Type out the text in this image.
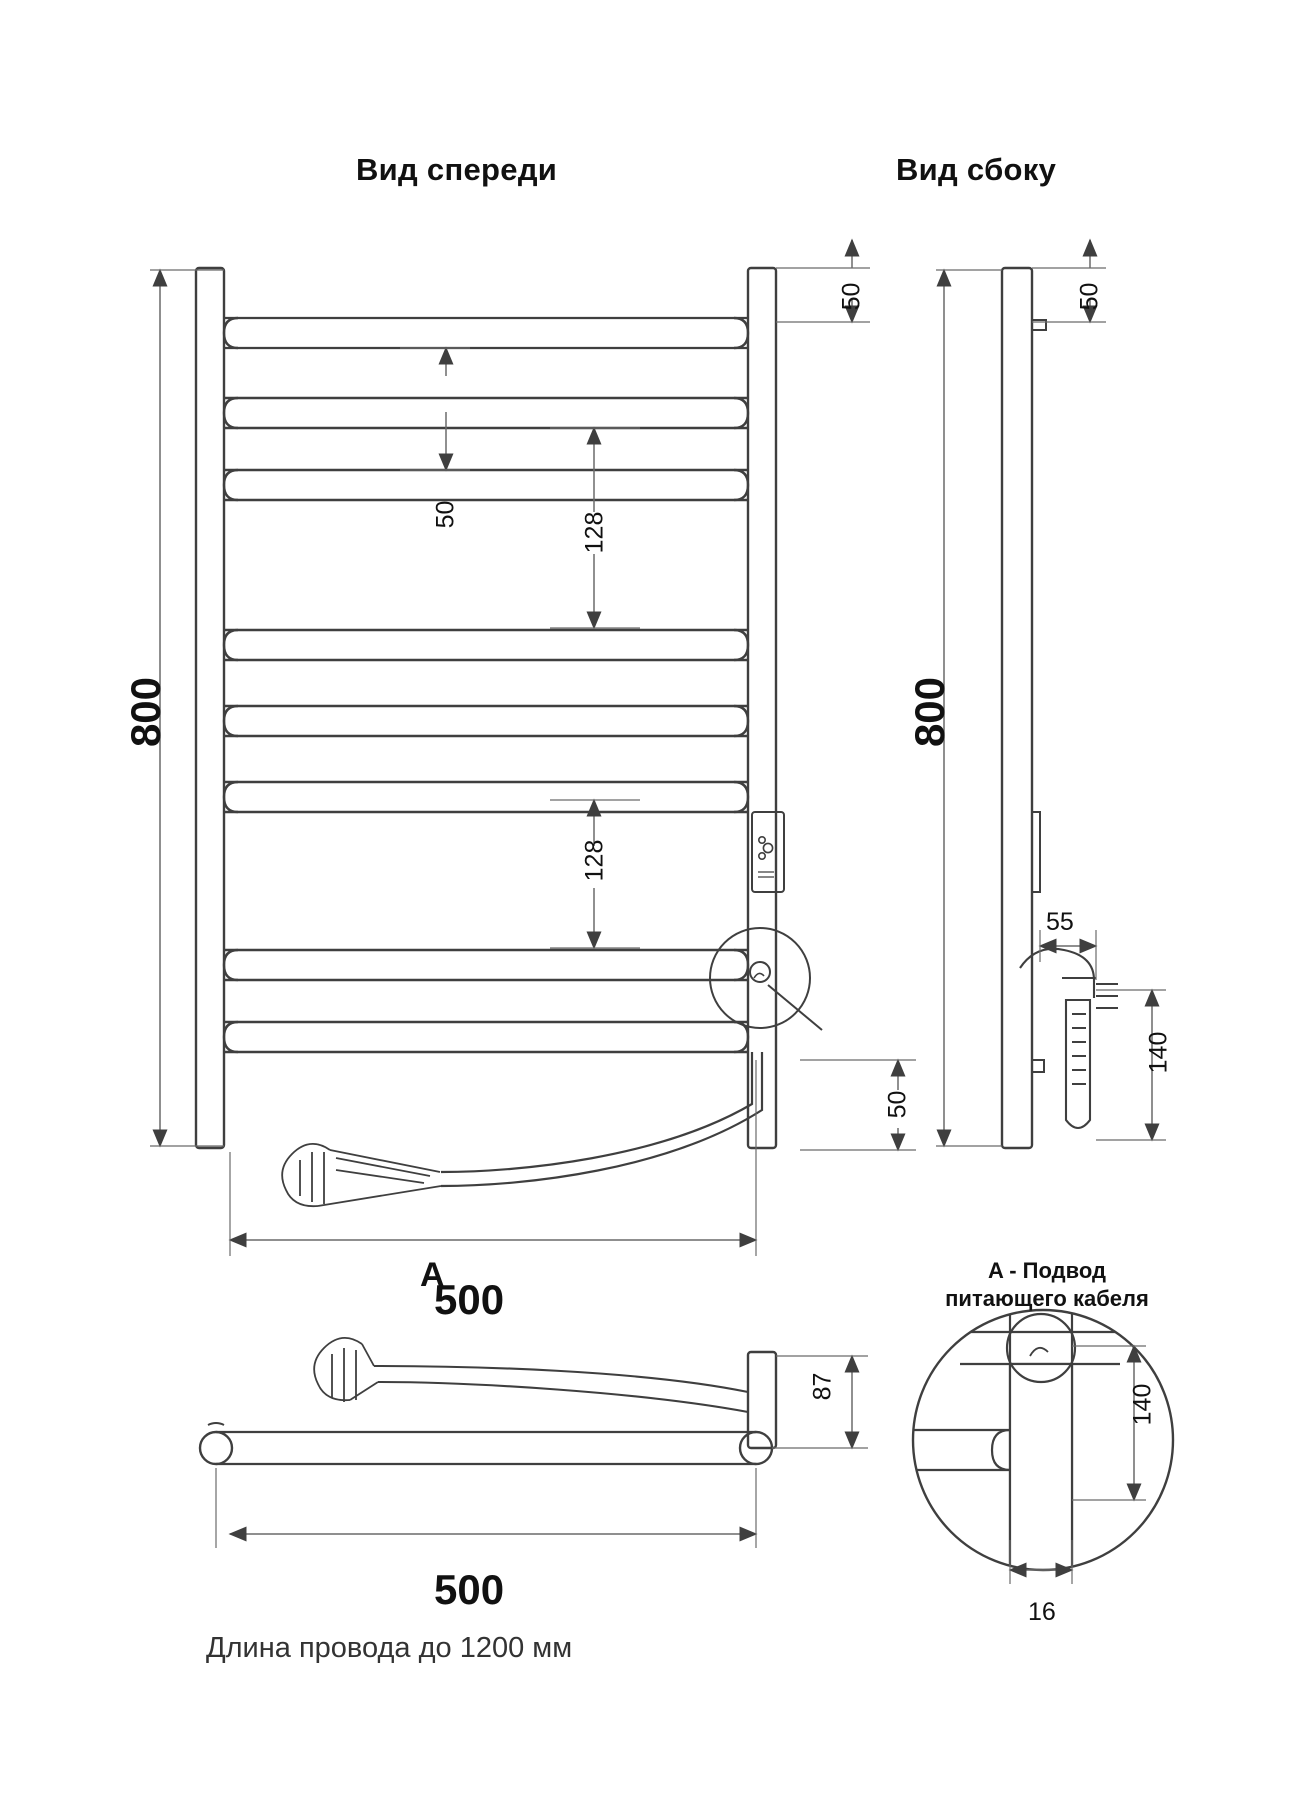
Вид спереди	Вид сбоку
800	800
50	50
50	128
128
50
A
500
500
55
140
87	140
16
A - Подвод
питающего кабеля
Длина провода до 1200 мм
